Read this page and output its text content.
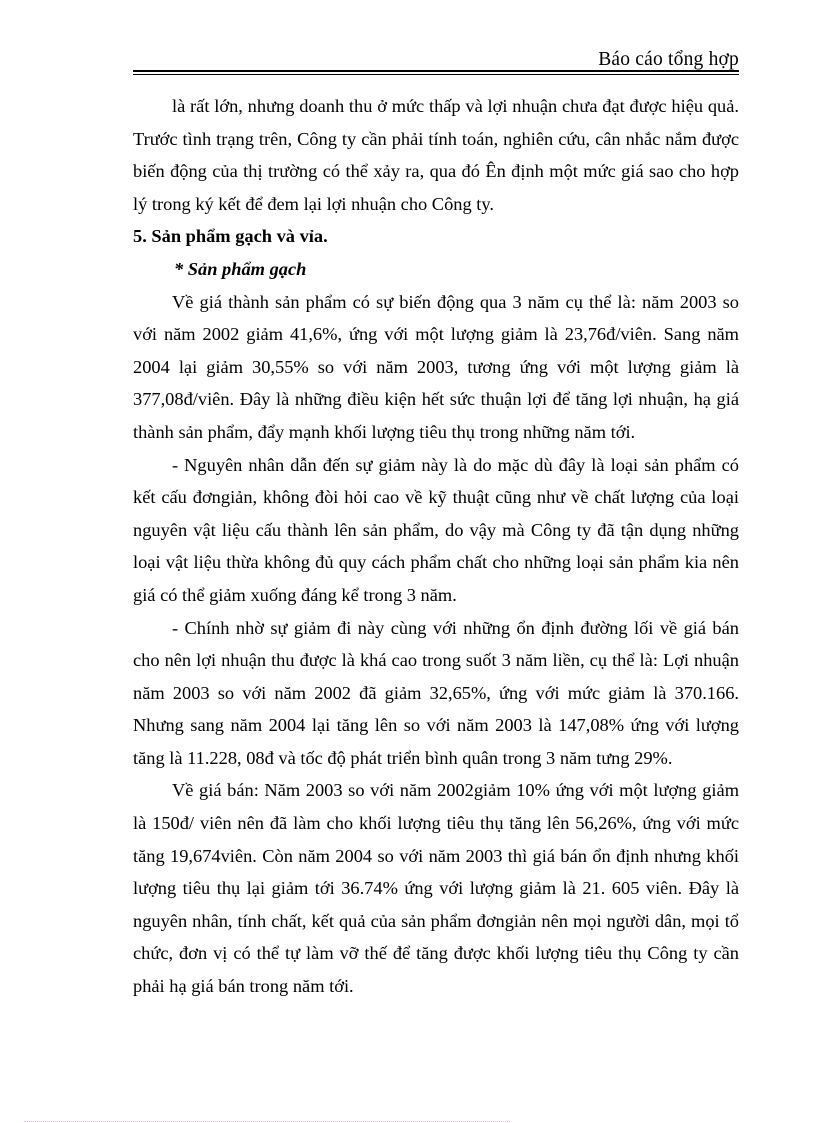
Báo cáo tổng hợp

là rất lớn, nhưng doanh thu ở mức thấp và lợi nhuận chưa đạt được hiệu quả. Trước tình trạng trên, Công ty cần phải tính toán, nghiên cứu, cân nhắc nắm được biến động của thị trường có thể xảy ra, qua đó Ên định một mức giá sao cho hợp lý trong ký kết để đem lại lợi nhuận cho Công ty.

5. Sản phẩm gạch và vỉa.

* Sản phẩm gạch

Về giá thành sản phẩm có sự biến động qua 3 năm cụ thể là: năm 2003 so với năm 2002 giảm 41,6%, ứng với một lượng giảm là 23,76đ/viên. Sang năm 2004 lại giảm 30,55% so với năm 2003, tương ứng với một lượng giảm là 377,08đ/viên. Đây là những điều kiện hết sức thuận lợi để tăng lợi nhuận, hạ giá thành sản phẩm, đẩy mạnh khối lượng tiêu thụ trong những năm tới.

- Nguyên nhân dẫn đến sự giảm này là do mặc dù đây là loại sản phẩm có kết cấu đơngiản, không đòi hỏi cao về kỹ thuật cũng như về chất lượng của loại nguyên vật liệu cấu thành lên sản phẩm, do vậy mà Công ty đã tận dụng những loại vật liệu thừa không đủ quy cách phẩm chất cho những loại sản phẩm kia nên giá có thể giảm xuống đáng kể trong 3 năm.

- Chính nhờ sự giảm đi này cùng với những ổn định đường lối về giá bán cho nên lợi nhuận thu được là khá cao trong suốt 3 năm liền, cụ thể là: Lợi nhuận năm 2003 so với năm 2002 đã giảm 32,65%, ứng với mức giảm là 370.166. Nhưng sang năm 2004 lại tăng lên so với năm 2003 là 147,08% ứng với lượng tăng là 11.228, 08đ và tốc độ phát triển bình quân trong 3 năm tưng 29%.

Về giá bán: Năm 2003 so với năm 2002giảm 10% ứng với một lượng giảm là 150đ/ viên nên đã làm cho khối lượng tiêu thụ tăng lên 56,26%, ứng với mức tăng 19,674viên. Còn năm 2004 so với năm 2003 thì giá bán ổn định nhưng khối lượng tiêu thụ lại giảm tới 36.74% ứng với lượng giảm là 21. 605 viên. Đây là nguyên nhân, tính chất, kết quả của sản phẩm đơngiản nên mọi người dân, mọi tổ chức, đơn vị có thể tự làm vỡ thế để tăng được khối lượng tiêu thụ Công ty cần phải hạ giá bán trong năm tới.
